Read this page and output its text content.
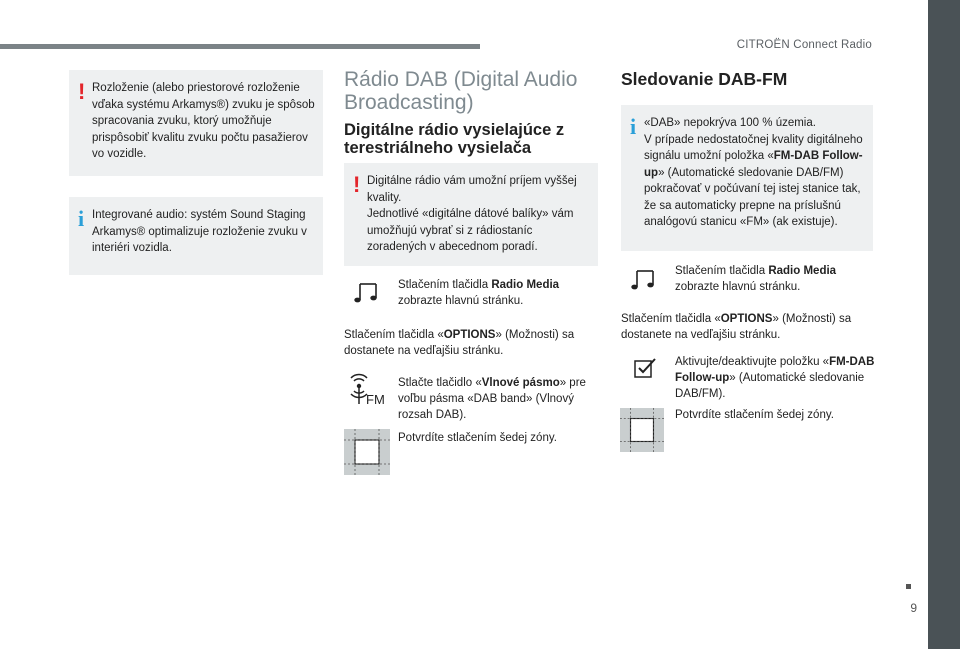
CITROËN Connect Radio
9
! Rozloženie (alebo priestorové rozloženie vďaka systému Arkamys®) zvuku je spôsob spracovania zvuku, ktorý umožňuje prispôsobiť kvalitu zvuku počtu pasažierov vo vozidle.
i Integrované audio: systém Sound Staging Arkamys® optimalizuje rozloženie zvuku v interiéri vozidla.
Rádio DAB (Digital Audio Broadcasting)
Digitálne rádio vysielajúce z terestriálneho vysielača
! Digitálne rádio vám umožní príjem vyššej kvality.
Jednotlivé «digitálne dátové balíky» vám umožňujú vybrať si z rádiostaníc zoradených v abecednom poradí.
Stlačením tlačidla Radio Media zobrazte hlavnú stránku.
Stlačením tlačidla «OPTIONS» (Možnosti) sa dostanete na vedľajšiu stránku.
FM
Stlačte tlačidlo «Vlnové pásmo» pre voľbu pásma «DAB band» (Vlnový rozsah DAB).
Potvrdíte stlačením šedej zóny.
Sledovanie DAB-FM
i «DAB» nepokrýva 100 % územia.
V prípade nedostatočnej kvality digitálneho signálu umožní položka «FM-DAB Follow-up» (Automatické sledovanie DAB/FM) pokračovať v počúvaní tej istej stanice tak, že sa automaticky prepne na príslušnú analógovú stanicu «FM» (ak existuje).
Stlačením tlačidla Radio Media zobrazte hlavnú stránku.
Stlačením tlačidla «OPTIONS» (Možnosti) sa dostanete na vedľajšiu stránku.
Aktivujte/deaktivujte položku «FM-DAB Follow-up» (Automatické sledovanie DAB/FM).
Potvrdíte stlačením šedej zóny.
